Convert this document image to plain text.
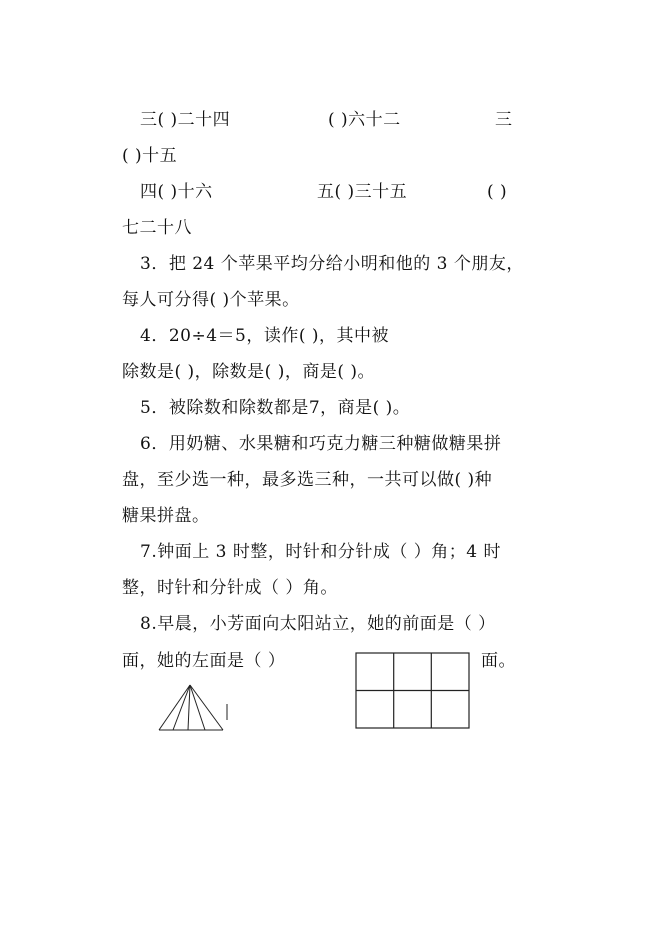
三( )二十四	( )六十二	三
( )十五
四( )十六	五( )三十五	( )
七二十八
3．把 24 个苹果平均分给小明和他的 3 个朋友，
每人可分得( )个苹果。
4．20÷4＝5，读作( )，其中被
除数是( )，除数是( )，商是( )。
5．被除数和除数都是7，商是( )。
6．用奶糖、水果糖和巧克力糖三种糖做糖果拼
盘，至少选一种，最多选三种，一共可以做( )种
糖果拼盘。
7.钟面上 3 时整，时针和分针成（ ）角；4 时
整，时针和分针成（ ）角。
8.早晨，小芳面向太阳站立，她的前面是（ ）
面，她的左面是（ ）	面。
